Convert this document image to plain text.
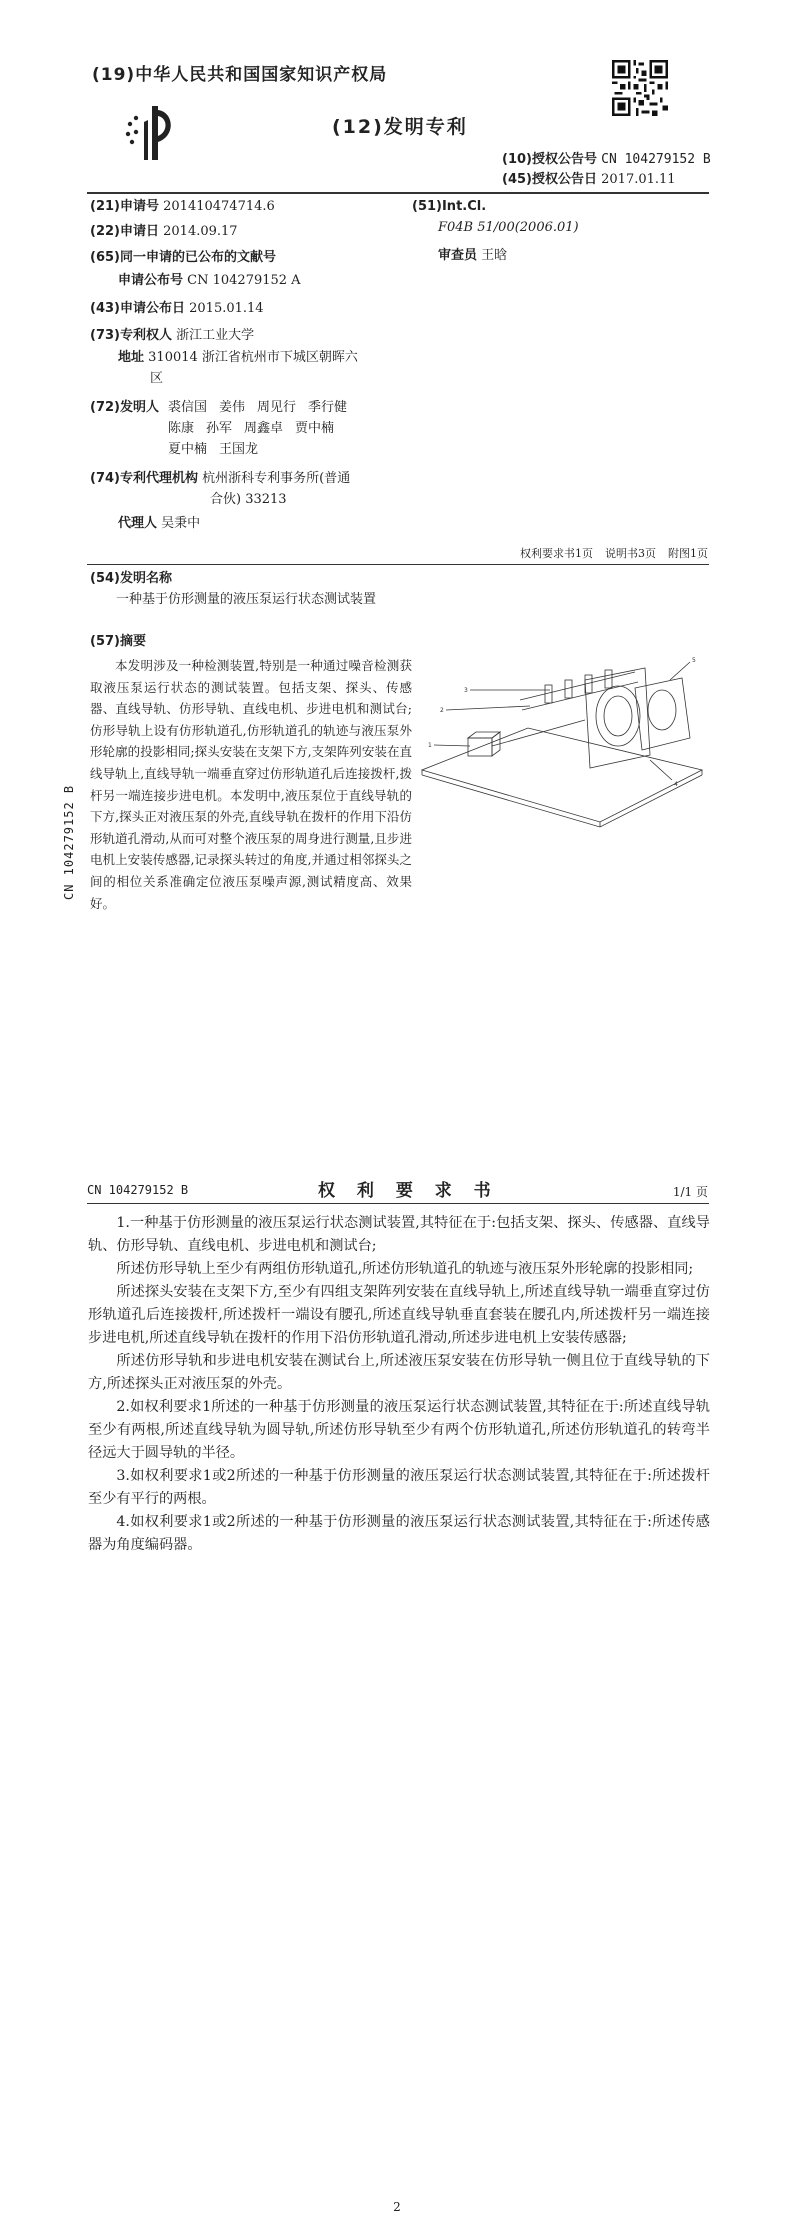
(19)中华人民共和国国家知识产权局
(12)发明专利
(10)授权公告号 CN 104279152 B
(45)授权公告日 2017.01.11
(21)申请号 201410474714.6
(22)申请日 2014.09.17
(65)同一申请的已公布的文献号
申请公布号 CN 104279152 A
(43)申请公布日 2015.01.14
(73)专利权人 浙江工业大学
地址 310014 浙江省杭州市下城区朝晖六
区
(72)发明人 裘信国 姜伟 周见行 季行健
陈康 孙军 周鑫卓 贾中楠
夏中楠 王国龙
(74)专利代理机构 杭州浙科专利事务所(普通
合伙) 33213
代理人 吴秉中
(51)Int.Cl.
F04B 51/00(2006.01)
审查员 王晗
权利要求书1页 说明书3页 附图1页
(54)发明名称
一种基于仿形测量的液压泵运行状态测试装置
(57)摘要
本发明涉及一种检测装置,特别是一种通过噪音检测获取液压泵运行状态的测试装置。包括支架、探头、传感器、直线导轨、仿形导轨、直线电机、步进电机和测试台;仿形导轨上设有仿形轨道孔,仿形轨道孔的轨迹与液压泵外形轮廓的投影相同;探头安装在支架下方,支架阵列安装在直线导轨上,直线导轨一端垂直穿过仿形轨道孔后连接拨杆,拨杆另一端连接步进电机。本发明中,液压泵位于直线导轨的下方,探头正对液压泵的外壳,直线导轨在拨杆的作用下沿仿形轨道孔滑动,从而可对整个液压泵的周身进行测量,且步进电机上安装传感器,记录探头转过的角度,并通过相邻探头之间的相位关系准确定位液压泵噪声源,测试精度高、效果好。
CN 104279152 B
1
2
3
4
5
CN 104279152 B	权 利 要 求 书	1/1 页

1.一种基于仿形测量的液压泵运行状态测试装置,其特征在于:包括支架、探头、传感器、直线导轨、仿形导轨、直线电机、步进电机和测试台;

所述仿形导轨上至少有两组仿形轨道孔,所述仿形轨道孔的轨迹与液压泵外形轮廓的投影相同;

所述探头安装在支架下方,至少有四组支架阵列安装在直线导轨上,所述直线导轨一端垂直穿过仿形轨道孔后连接拨杆,所述拨杆一端设有腰孔,所述直线导轨垂直套装在腰孔内,所述拨杆另一端连接步进电机,所述直线导轨在拨杆的作用下沿仿形轨道孔滑动,所述步进电机上安装传感器;

所述仿形导轨和步进电机安装在测试台上,所述液压泵安装在仿形导轨一侧且位于直线导轨的下方,所述探头正对液压泵的外壳。

2.如权利要求1所述的一种基于仿形测量的液压泵运行状态测试装置,其特征在于:所述直线导轨至少有两根,所述直线导轨为圆导轨,所述仿形导轨至少有两个仿形轨道孔,所述仿形轨道孔的转弯半径远大于圆导轨的半径。

3.如权利要求1或2所述的一种基于仿形测量的液压泵运行状态测试装置,其特征在于:所述拨杆至少有平行的两根。

4.如权利要求1或2所述的一种基于仿形测量的液压泵运行状态测试装置,其特征在于:所述传感器为角度编码器。

2
